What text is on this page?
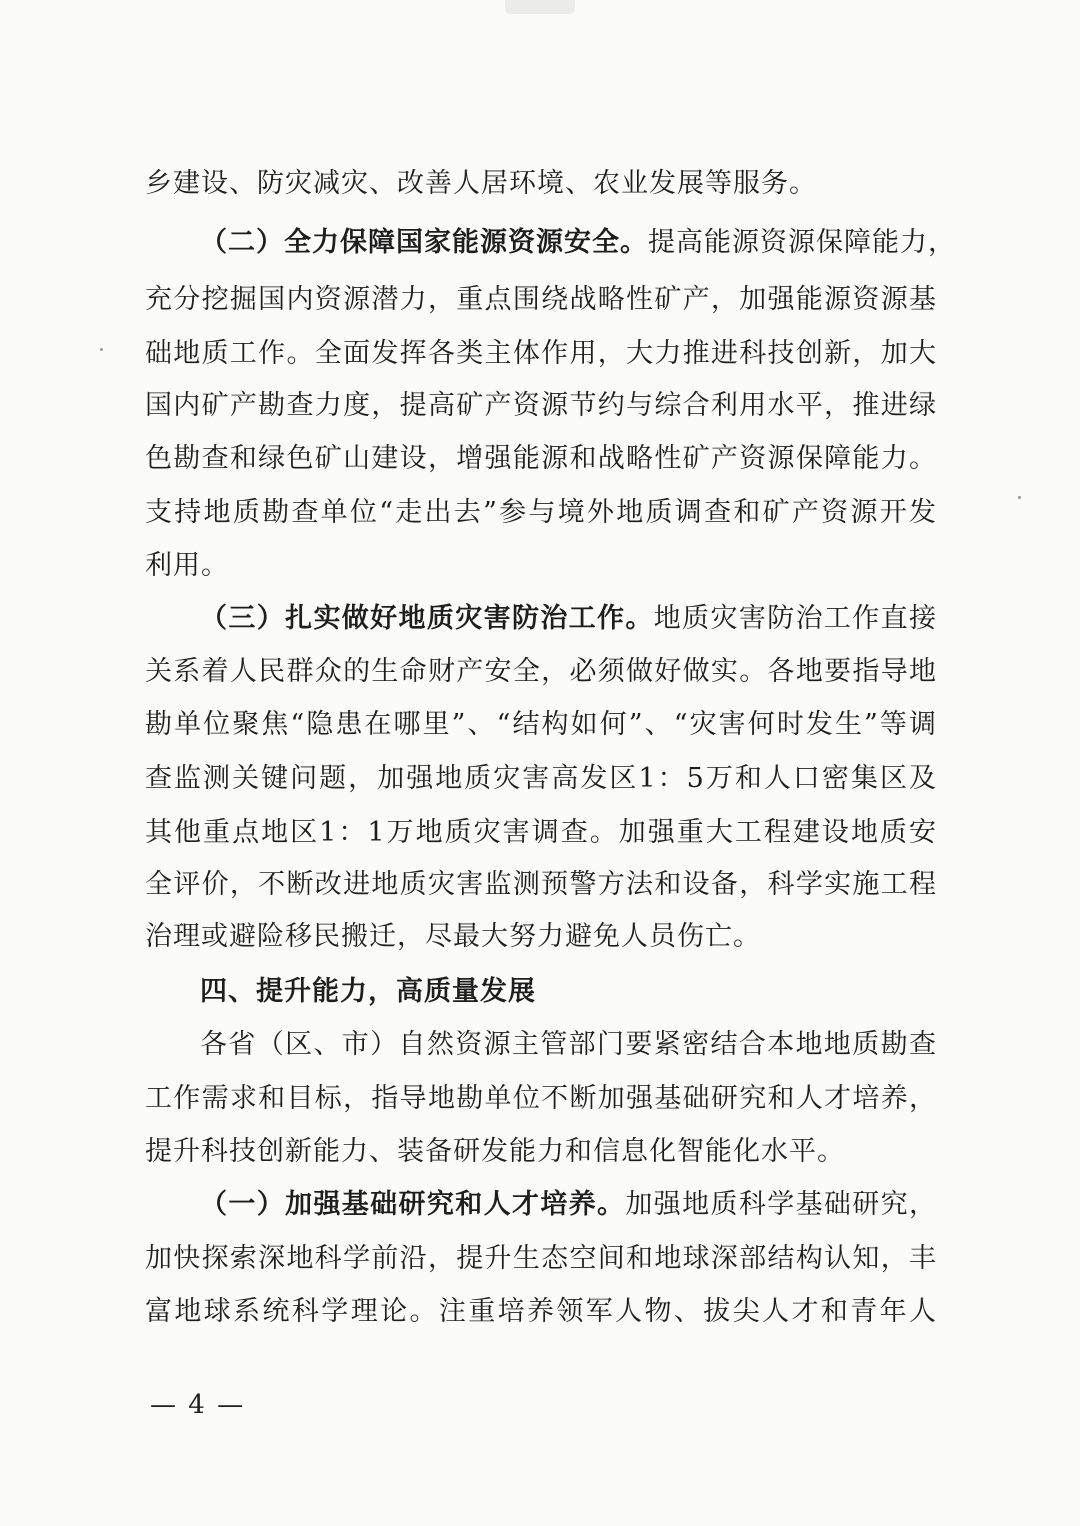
乡建设、防灾减灾、改善人居环境、农业发展等服务。
（二）全力保障国家能源资源安全。提高能源资源保障能力，
充分挖掘国内资源潜力，重点围绕战略性矿产，加强能源资源基
础地质工作。全面发挥各类主体作用，大力推进科技创新，加大
国内矿产勘查力度，提高矿产资源节约与综合利用水平，推进绿
色勘查和绿色矿山建设，增强能源和战略性矿产资源保障能力。
支持地质勘查单位“走出去”参与境外地质调查和矿产资源开发
利用。
（三）扎实做好地质灾害防治工作。地质灾害防治工作直接
关系着人民群众的生命财产安全，必须做好做实。各地要指导地
勘单位聚焦“隐患在哪里”、“结构如何”、“灾害何时发生”等调
查监测关键问题，加强地质灾害高发区1：5万和人口密集区及
其他重点地区1：1万地质灾害调查。加强重大工程建设地质安
全评价，不断改进地质灾害监测预警方法和设备，科学实施工程
治理或避险移民搬迁，尽最大努力避免人员伤亡。
四、提升能力，高质量发展
各省（区、市）自然资源主管部门要紧密结合本地地质勘查
工作需求和目标，指导地勘单位不断加强基础研究和人才培养，
提升科技创新能力、装备研发能力和信息化智能化水平。
（一）加强基础研究和人才培养。加强地质科学基础研究，
加快探索深地科学前沿，提升生态空间和地球深部结构认知，丰
富地球系统科学理论。注重培养领军人物、拔尖人才和青年人
— 4 —
